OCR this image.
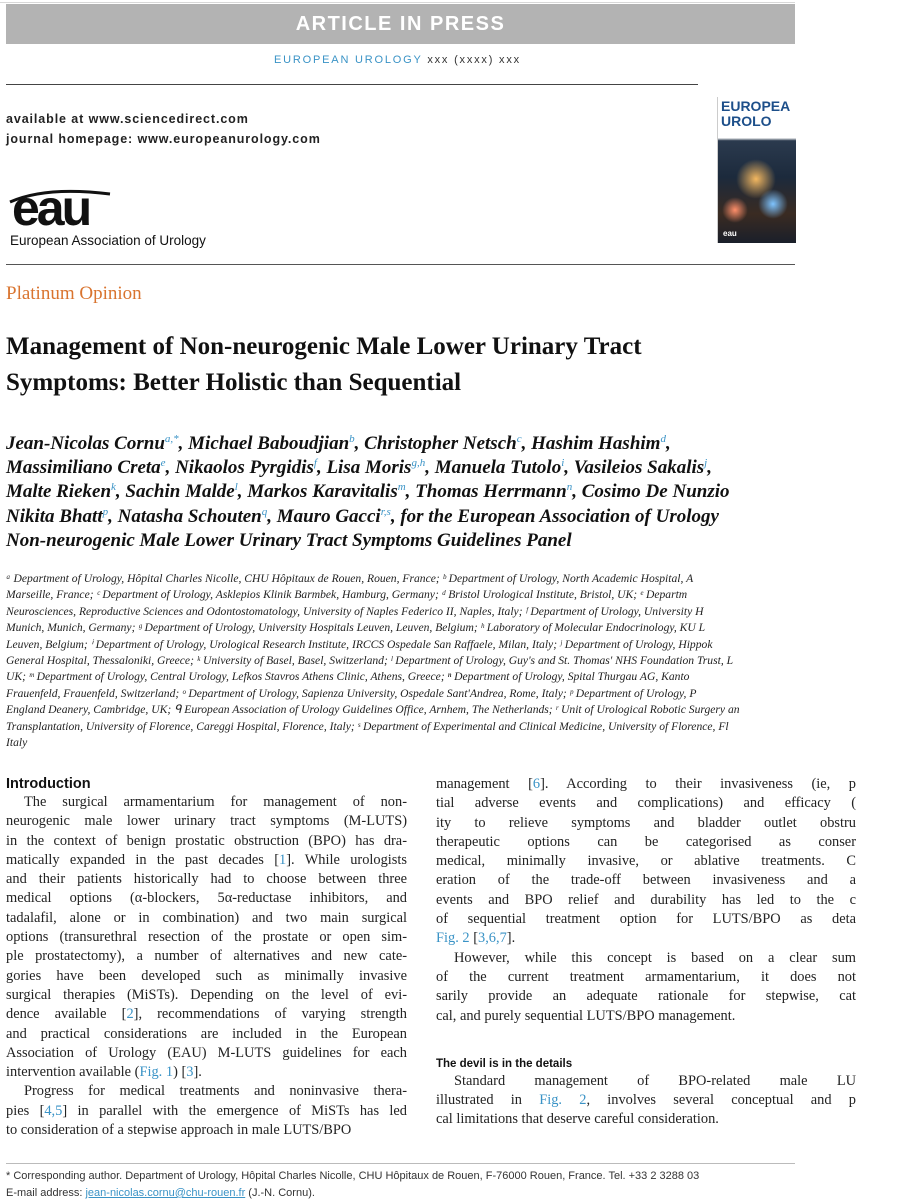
ARTICLE IN PRESS
EUROPEAN UROLOGY xxx (xxxx) xxx
available at www.sciencedirect.com
journal homepage: www.europeanurology.com
eau
European Association of Urology
EUROPEA
UROLO
eau
Platinum Opinion
Management of Non-neurogenic Male Lower Urinary Tract
Symptoms: Better Holistic than Sequential
Jean-Nicolas Cornu$^{a,*}$, Michael Baboudjian$^b$, Christopher Netsch$^c$, Hashim Hashim$^d$,
Massimiliano Creta$^e$, Nikaolos Pyrgidis$^f$, Lisa Moris$^{g,h}$, Manuela Tutolo$^i$, Vasileios Sakalis$^j$,
Malte Rieken$^k$, Sachin Malde$^l$, Markos Karavitalis$^m$, Thomas Herrmann$^n$, Cosimo De Nunzio
Nikita Bhatt$^p$, Natasha Schouten$^q$, Mauro Gacci$^{r,s}$, for the European Association of Urology
Non-neurogenic Male Lower Urinary Tract Symptoms Guidelines Panel
ᵃ Department of Urology, Hôpital Charles Nicolle, CHU Hôpitaux de Rouen, Rouen, France; ᵇ Department of Urology, North Academic Hospital, A
Marseille, France; ᶜ Department of Urology, Asklepios Klinik Barmbek, Hamburg, Germany; ᵈ Bristol Urological Institute, Bristol, UK; ᵉ Departm
Neurosciences, Reproductive Sciences and Odontostomatology, University of Naples Federico II, Naples, Italy; ᶠ Department of Urology, University H
Munich, Munich, Germany; ᵍ Department of Urology, University Hospitals Leuven, Leuven, Belgium; ʰ Laboratory of Molecular Endocrinology, KU L
Leuven, Belgium; ⁱ Department of Urology, Urological Research Institute, IRCCS Ospedale San Raffaele, Milan, Italy; ʲ Department of Urology, Hippok
General Hospital, Thessaloniki, Greece; ᵏ University of Basel, Basel, Switzerland; ˡ Department of Urology, Guy's and St. Thomas' NHS Foundation Trust, L
UK; ᵐ Department of Urology, Central Urology, Lefkos Stavros Athens Clinic, Athens, Greece; ⁿ Department of Urology, Spital Thurgau AG, Kanto
Frauenfeld, Frauenfeld, Switzerland; ᵒ Department of Urology, Sapienza University, Ospedale Sant'Andrea, Rome, Italy; ᵖ Department of Urology, P
England Deanery, Cambridge, UK; ᑫ European Association of Urology Guidelines Office, Arnhem, The Netherlands; ʳ Unit of Urological Robotic Surgery an
Transplantation, University of Florence, Careggi Hospital, Florence, Italy; ˢ Department of Experimental and Clinical Medicine, University of Florence, Fl
Italy
Introduction
The surgical armamentarium for management of non-
neurogenic male lower urinary tract symptoms (M-LUTS)
in the context of benign prostatic obstruction (BPO) has dra-
matically expanded in the past decades [1]. While urologists
and their patients historically had to choose between three
medical options (α-blockers, 5α-reductase inhibitors, and
tadalafil, alone or in combination) and two main surgical
options (transurethral resection of the prostate or open sim-
ple prostatectomy), a number of alternatives and new cate-
gories have been developed such as minimally invasive
surgical therapies (MiSTs). Depending on the level of evi-
dence available [2], recommendations of varying strength
and practical considerations are included in the European
Association of Urology (EAU) M-LUTS guidelines for each
intervention available (Fig. 1) [3].
Progress for medical treatments and noninvasive thera-
pies [4,5] in parallel with the emergence of MiSTs has led
to consideration of a stepwise approach in male LUTS/BPO
management [6]. According to their invasiveness (ie, p
tial adverse events and complications) and efficacy (
ity to relieve symptoms and bladder outlet obstru
therapeutic options can be categorised as conser
medical, minimally invasive, or ablative treatments. C
eration of the trade-off between invasiveness and a
events and BPO relief and durability has led to the c
of sequential treatment option for LUTS/BPO as deta
Fig. 2 [3,6,7].
However, while this concept is based on a clear sum
of the current treatment armamentarium, it does not
sarily provide an adequate rationale for stepwise, cat
cal, and purely sequential LUTS/BPO management.
The devil is in the details
Standard management of BPO-related male LU
illustrated in Fig. 2, involves several conceptual and p
cal limitations that deserve careful consideration.
* Corresponding author. Department of Urology, Hôpital Charles Nicolle, CHU Hôpitaux de Rouen, F-76000 Rouen, France. Tel. +33 2 3288 03
E-mail address: jean-nicolas.cornu@chu-rouen.fr (J.-N. Cornu).
